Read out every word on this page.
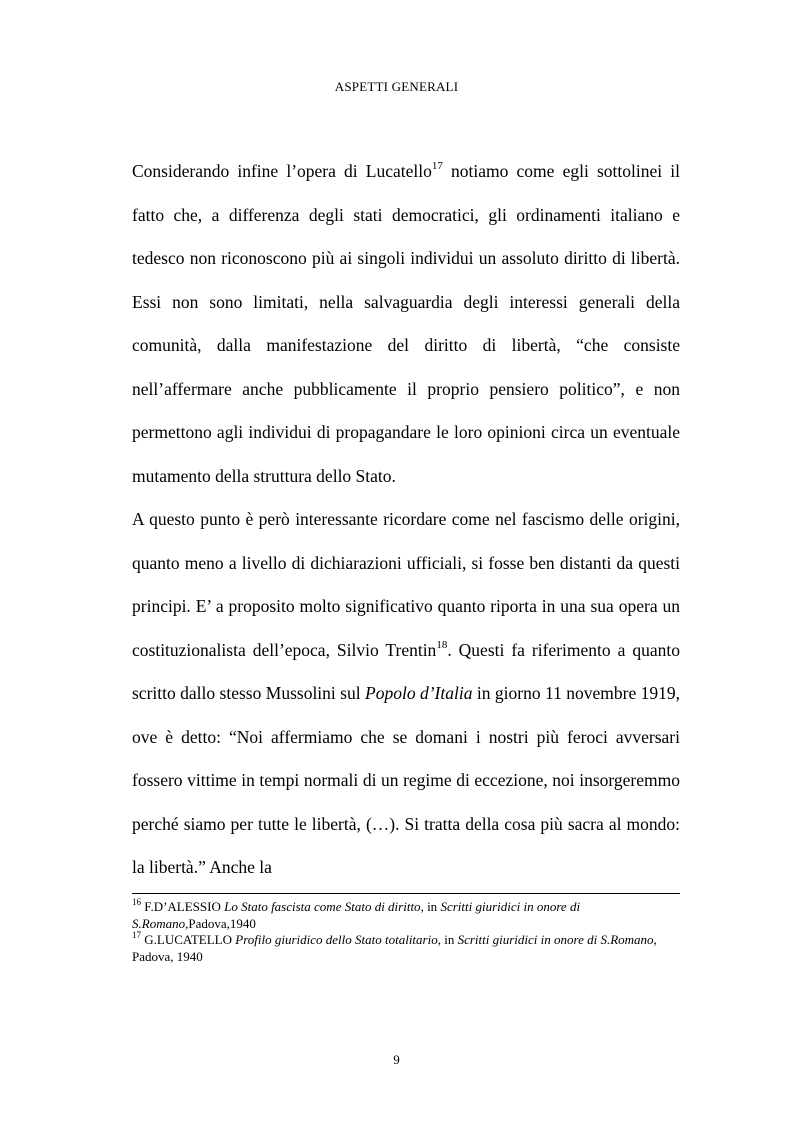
ASPETTI GENERALI

Considerando infine l’opera di Lucatello$^{17}$ notiamo come egli sottolinei il fatto che, a differenza degli stati democratici, gli ordinamenti italiano e tedesco non riconoscono più ai singoli individui un assoluto diritto di libertà. Essi non sono limitati, nella salvaguardia degli interessi generali della comunità, dalla manifestazione del diritto di libertà, “che consiste nell’affermare anche pubblicamente il proprio pensiero politico”, e non permettono agli individui di propagandare le loro opinioni circa un eventuale mutamento della struttura dello Stato.

A questo punto è però interessante ricordare come nel fascismo delle origini, quanto meno a livello di dichiarazioni ufficiali, si fosse ben distanti da questi principi. E’ a proposito molto significativo quanto riporta in una sua opera un costituzionalista dell’epoca, Silvio Trentin$^{18}$. Questi fa riferimento a quanto scritto dallo stesso Mussolini sul Popolo d’Italia in giorno 11 novembre 1919, ove è detto: “Noi affermiamo che se domani i nostri più feroci avversari fossero vittime in tempi normali di un regime di eccezione, noi insorgeremmo perché siamo per tutte le libertà, (…). Si tratta della cosa più sacra al mondo: la libertà.” Anche la

$^{16}$ F.D’ALESSIO Lo Stato fascista come Stato di diritto, in Scritti giuridici in onore di S.Romano,Padova,1940

$^{17}$ G.LUCATELLO Profilo giuridico dello Stato totalitario, in Scritti giuridici in onore di S.Romano, Padova, 1940

9
